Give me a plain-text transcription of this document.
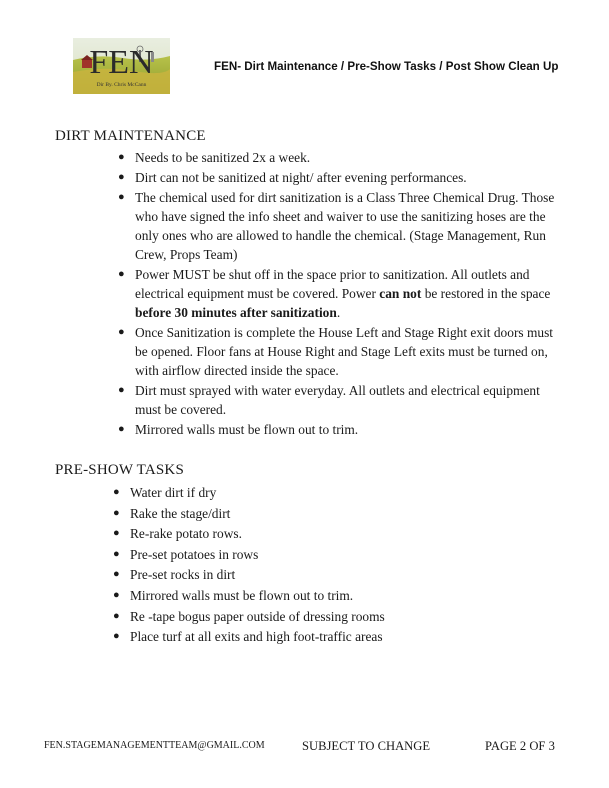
FEN
Dir By. Chris McCann
FEN- Dirt Maintenance / Pre-Show Tasks / Post Show Clean Up
DIRT MAINTENANCE
● Needs to be sanitized 2x a week.
● Dirt can not be sanitized at night/ after evening performances.
● The chemical used for dirt sanitization is a Class Three Chemical Drug. Those who have signed the info sheet and waiver to use the sanitizing hoses are the only ones who are allowed to handle the chemical. (Stage Management, Run Crew, Props Team)
● Power MUST be shut off in the space prior to sanitization. All outlets and electrical equipment must be covered. Power can not be restored in the space before 30 minutes after sanitization.
● Once Sanitization is complete the House Left and Stage Right exit doors must be opened. Floor fans at House Right and Stage Left exits must be turned on, with airflow directed inside the space.
● Dirt must sprayed with water everyday. All outlets and electrical equipment must be covered.
● Mirrored walls must be flown out to trim.
PRE-SHOW TASKS
● Water dirt if dry
● Rake the stage/dirt
● Re-rake potato rows.
● Pre-set potatoes in rows
● Pre-set rocks in dirt
● Mirrored walls must be flown out to trim.
● Re -tape bogus paper outside of dressing rooms
● Place turf at all exits and high foot-traffic areas
FEN.STAGEMANAGEMENTTEAM@GMAIL.COM	SUBJECT TO CHANGE	PAGE 2 OF 3
